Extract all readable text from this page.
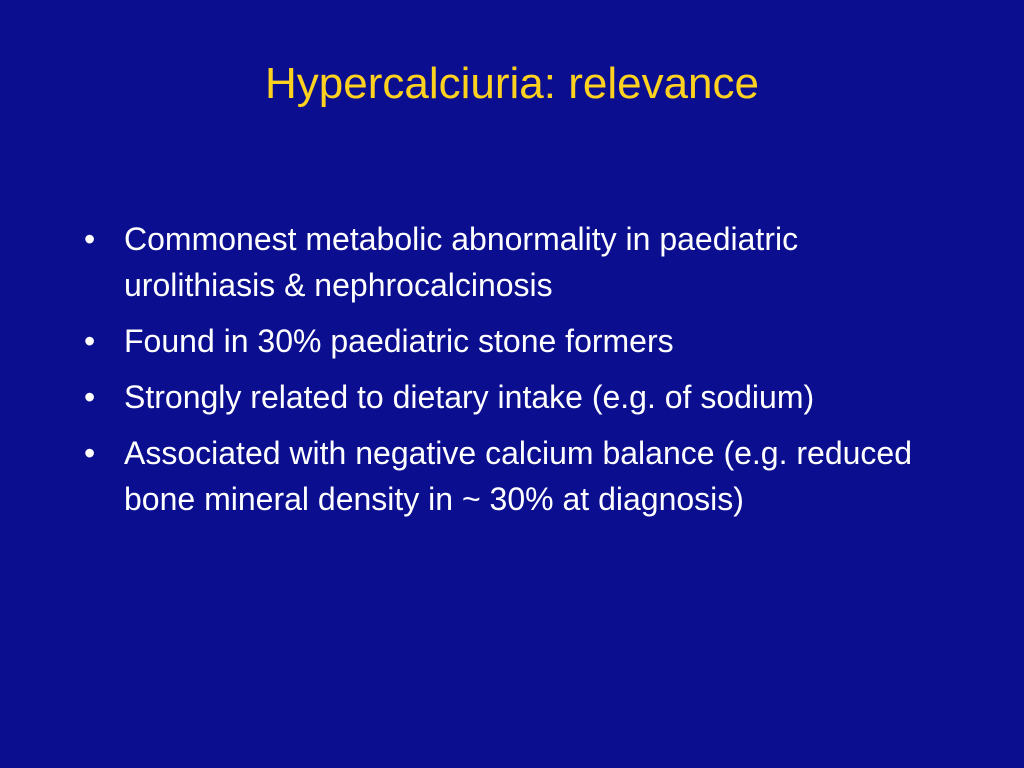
Hypercalciuria: relevance
• Commonest metabolic abnormality in paediatric urolithiasis & nephrocalcinosis
• Found in 30% paediatric stone formers
• Strongly related to dietary intake (e.g. of sodium)
• Associated with negative calcium balance (e.g. reduced bone mineral density in ~ 30% at diagnosis)
